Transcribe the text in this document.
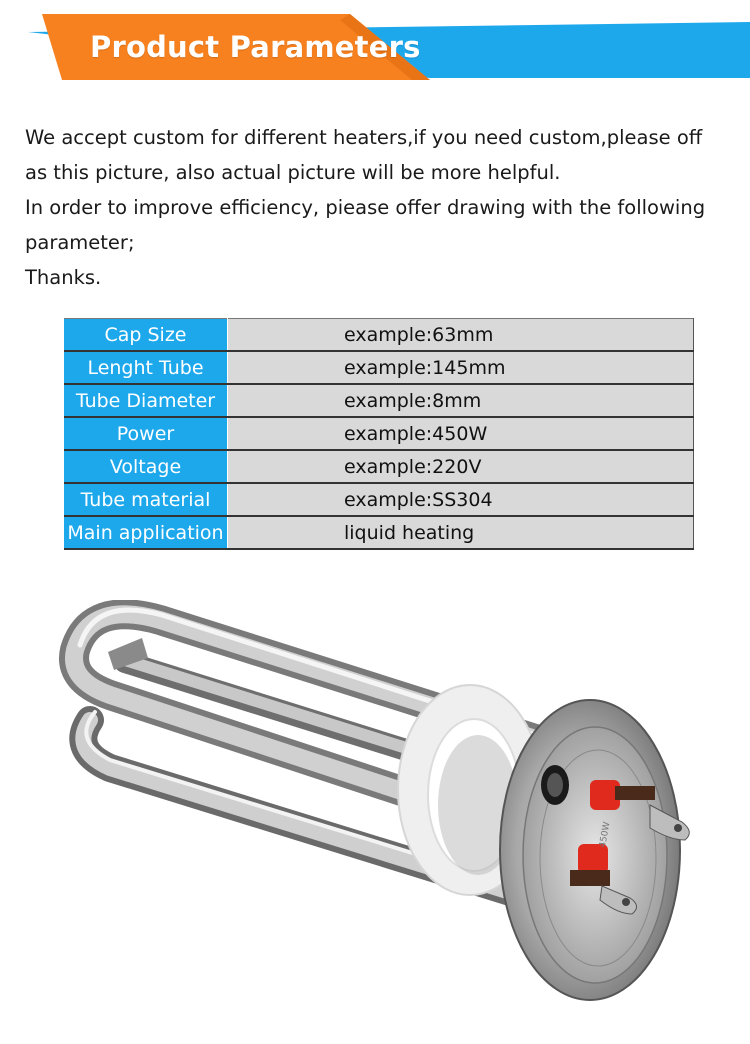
Product Parameters

We accept custom for different heaters,if you need custom,please off

as this picture, also actual picture will be more helpful.

In order to improve efficiency, piease offer drawing with the following

parameter;

Thanks.

Cap Size	example:63mm
Lenght Tube	example:145mm
Tube Diameter	example:8mm
Power	example:450W
Voltage	example:220V
Tube material	example:SS304
Main application	liquid heating
450W
